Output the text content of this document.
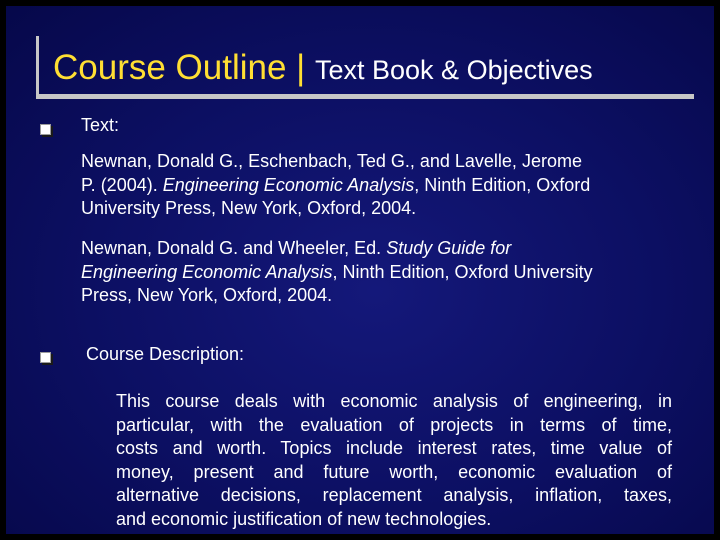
Course Outline | Text Book & Objectives
Text:
Newnan, Donald G., Eschenbach, Ted G., and Lavelle, Jerome
P. (2004). Engineering Economic Analysis, Ninth Edition, Oxford
University Press, New York, Oxford, 2004.
Newnan, Donald G. and Wheeler, Ed. Study Guide for
Engineering Economic Analysis, Ninth Edition, Oxford University
Press, New York, Oxford, 2004.
Course Description:
This course deals with economic analysis of engineering, in
particular, with the evaluation of projects in terms of time,
costs and worth. Topics include interest rates, time value of
money, present and future worth, economic evaluation of
alternative decisions, replacement analysis, inflation, taxes,
and economic justification of new technologies.
